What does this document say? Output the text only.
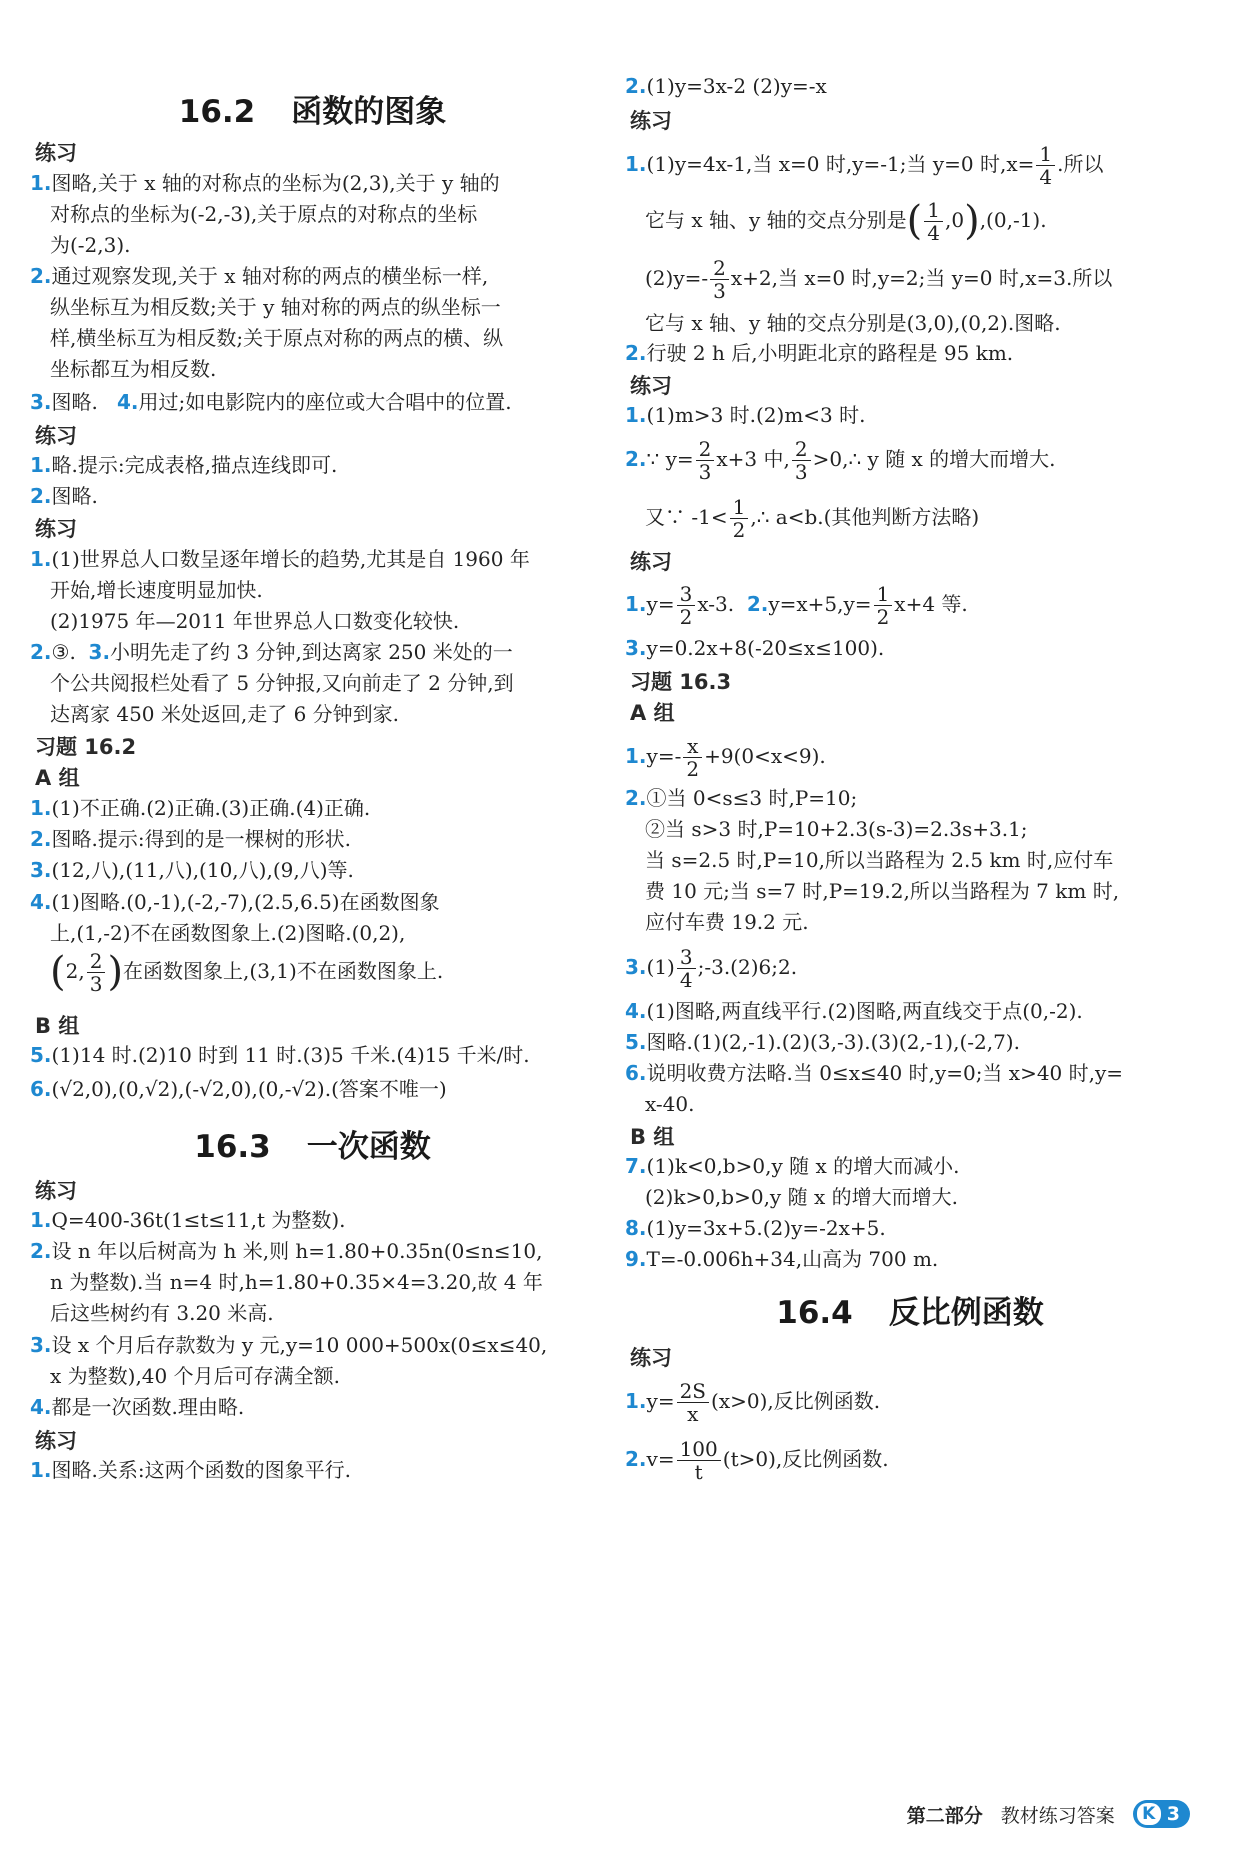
16.2 函数的图象
练习
1.图略,关于 x 轴的对称点的坐标为(2,3),关于 y 轴的
对称点的坐标为(-2,-3),关于原点的对称点的坐标
为(-2,3).
2.通过观察发现,关于 x 轴对称的两点的横坐标一样,
纵坐标互为相反数;关于 y 轴对称的两点的纵坐标一
样,横坐标互为相反数;关于原点对称的两点的横、纵
坐标都互为相反数.
3.图略. 4.用过;如电影院内的座位或大合唱中的位置.
练习
1.略.提示:完成表格,描点连线即可.
2.图略.
练习
1.(1)世界总人口数呈逐年增长的趋势,尤其是自 1960 年
开始,增长速度明显加快.
(2)1975 年—2011 年世界总人口数变化较快.
2.③. 3.小明先走了约 3 分钟,到达离家 250 米处的一
个公共阅报栏处看了 5 分钟报,又向前走了 2 分钟,到
达离家 450 米处返回,走了 6 分钟到家.
习题 16.2
A 组
1.(1)不正确.(2)正确.(3)正确.(4)正确.
2.图略.提示:得到的是一棵树的形状.
3.(12,八),(11,八),(10,八),(9,八)等.
4.(1)图略.(0,-1),(-2,-7),(2.5,6.5)在函数图象
上,(1,-2)不在函数图象上.(2)图略.(0,2),
(2, $\frac{2}{3}$ )在函数图象上,(3,1)不在函数图象上.
B 组
5.(1)14 时.(2)10 时到 11 时.(3)5 千米.(4)15 千米/时.
6.(√2,0),(0,√2),(-√2,0),(0,-√2).(答案不唯一)
16.3 一次函数
练习
1.Q=400-36t(1≤t≤11,t 为整数).
2.设 n 年以后树高为 h 米,则 h=1.80+0.35n(0≤n≤10,
n 为整数).当 n=4 时,h=1.80+0.35×4=3.20,故 4 年
后这些树约有 3.20 米高.
3.设 x 个月后存款数为 y 元,y=10 000+500x(0≤x≤40,
x 为整数),40 个月后可存满全额.
4.都是一次函数.理由略.
练习
1.图略.关系:这两个函数的图象平行.
2.(1)y=3x-2 (2)y=-x
练习
1.(1)y=4x-1,当 x=0 时,y=-1;当 y=0 时$,x= \frac{1}{4}$ .所以
它与 x 轴、y 轴的交点分别是( $\frac{1}{4} ,0),(0,-1)$.
$(2)y=- \frac{2}{3} x+2$,当 x=0 时,y=2;当 y=0 时,x=3.所以
它与 x 轴、y 轴的交点分别是(3,0),(0,2).图略.
2.行驶 2 h 后,小明距北京的路程是 95 km.
练习
1.(1)m>3 时.(2)m<3 时.
2.∵ $y= \frac{2}{3} x+3$ 中, $\frac{2}{3}$ >0,∴ y 随 x 的增大而增大.
又∵ $-1< \frac{1}{2}$ ,∴ a<b.(其他判断方法略)
练习
$1.y= \frac{3}{2} x-3$. $2.y=x+5,y= \frac{1}{2} x+4$ 等.
3.y=0.2x+8(-20≤x≤100).
习题 16.3
A 组
$1.y=- \frac{x}{2} +9(0<x<9)$.
2.①当 0<s≤3 时,P=10;
②当 s>3 时,P=10+2.3(s-3)=2.3s+3.1;
当 s=2.5 时,P=10,所以当路程为 2.5 km 时,应付车
费 10 元;当 s=7 时,P=19.2,所以当路程为 7 km 时,
应付车费 19.2 元.
$3.(1) \frac{3}{4}$ ;-3.(2)6;2.
4.(1)图略,两直线平行.(2)图略,两直线交于点(0,-2).
5.图略.(1)(2,-1).(2)(3,-3).(3)(2,-1),(-2,7).
6.说明收费方法略.当 0≤x≤40 时,y=0;当 x>40 时,y=
x-40.
B 组
7.(1)k<0,b>0,y 随 x 的增大而减小.
(2)k>0,b>0,y 随 x 的增大而增大.
8.(1)y=3x+5.(2)y=-2x+5.
9.T=-0.006h+34,山高为 700 m.
16.4 反比例函数
练习
$1.y= \frac{2S}{x} (x>0)$,反比例函数.
$2.v= \frac{100}{t} (t>0)$,反比例函数.
第二部分 教材练习答案	K 3
